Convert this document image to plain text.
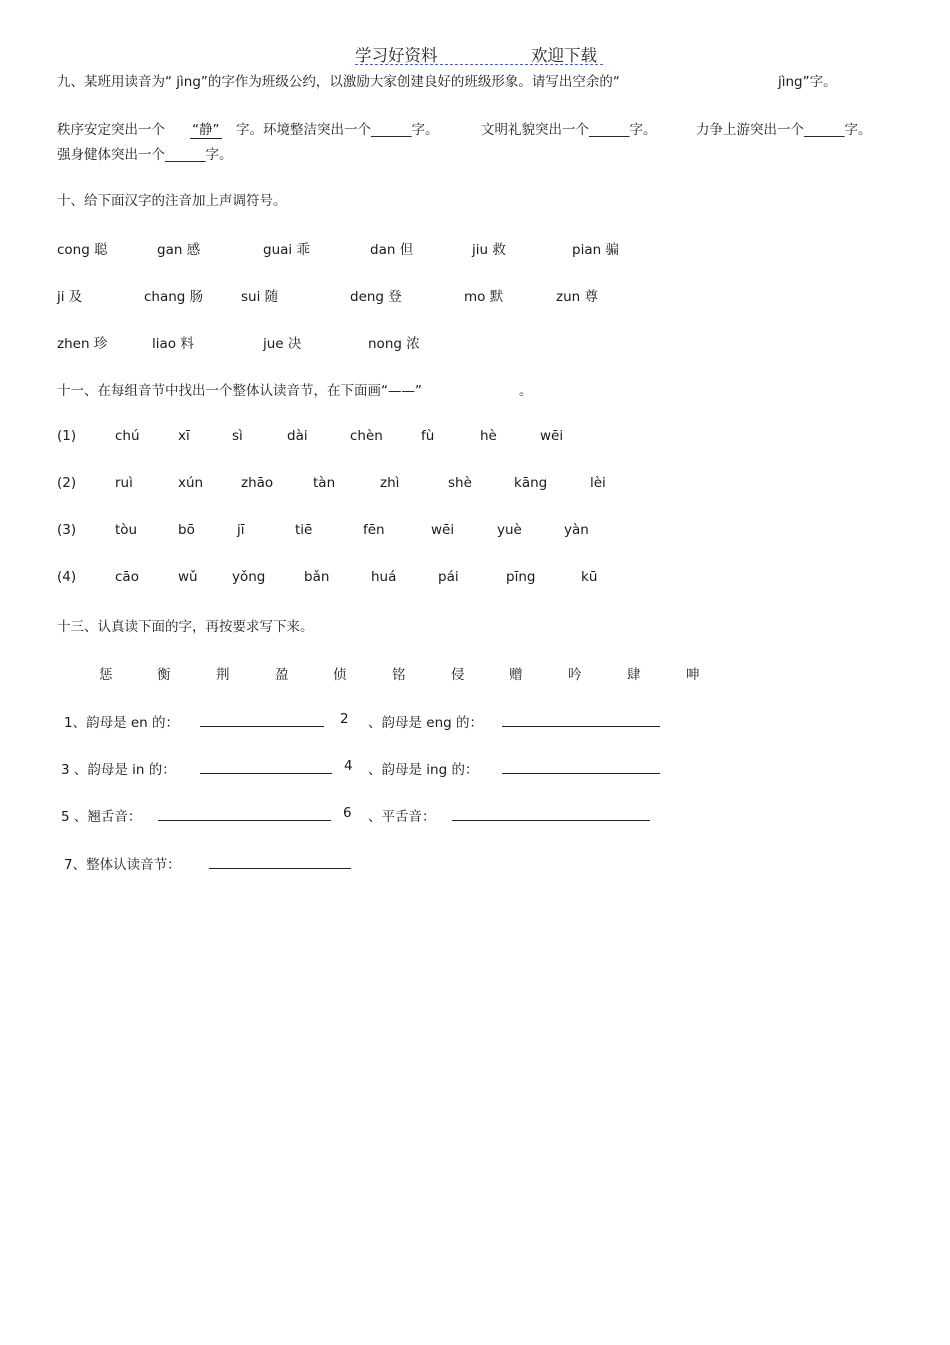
学习好资料	欢迎下载
九、某班用读音为“ jìng”的字作为班级公约，以激励大家创建良好的班级形象。请写出空余的“	jìng”字。
秩序安定突出一个 “静” 字。环境整洁突出一个______字。	文明礼貌突出一个______字。	力争上游突出一个______字。
强身健体突出一个______字。
十、给下面汉字的注音加上声调符号。
cong 聪	gan 感	guai 乖	dan 但	jiu 救	pian 骗
ji 及	chang 肠	sui 随	deng 登	mo 默	zun 尊
zhen 珍	liao 料	jue 决	nong 浓
十一、在每组音节中找出一个整体认读音节，在下面画“——”	。
(1)	chú	xī	sì	dài	chèn	fù	hè	wēi
(2)	ruì	xún	zhāo	tàn	zhì	shè	kāng	lèi
(3)	tòu	bō	jī	tiē	fēn	wēi	yuè	yàn
(4)	cāo	wǔ	yǒng	bǎn	huá	pái	pīng	kū
十三、认真读下面的字，再按要求写下来。
惩	衡	荆	盈	侦	铭	侵	赠	吟	肆	呻
1、韵母是 en 的：	2 、韵母是 eng 的：
3 、韵母是 in 的：	4 、韵母是 ing 的：
5 、翘舌音：	6 、平舌音：
7、整体认读音节：
